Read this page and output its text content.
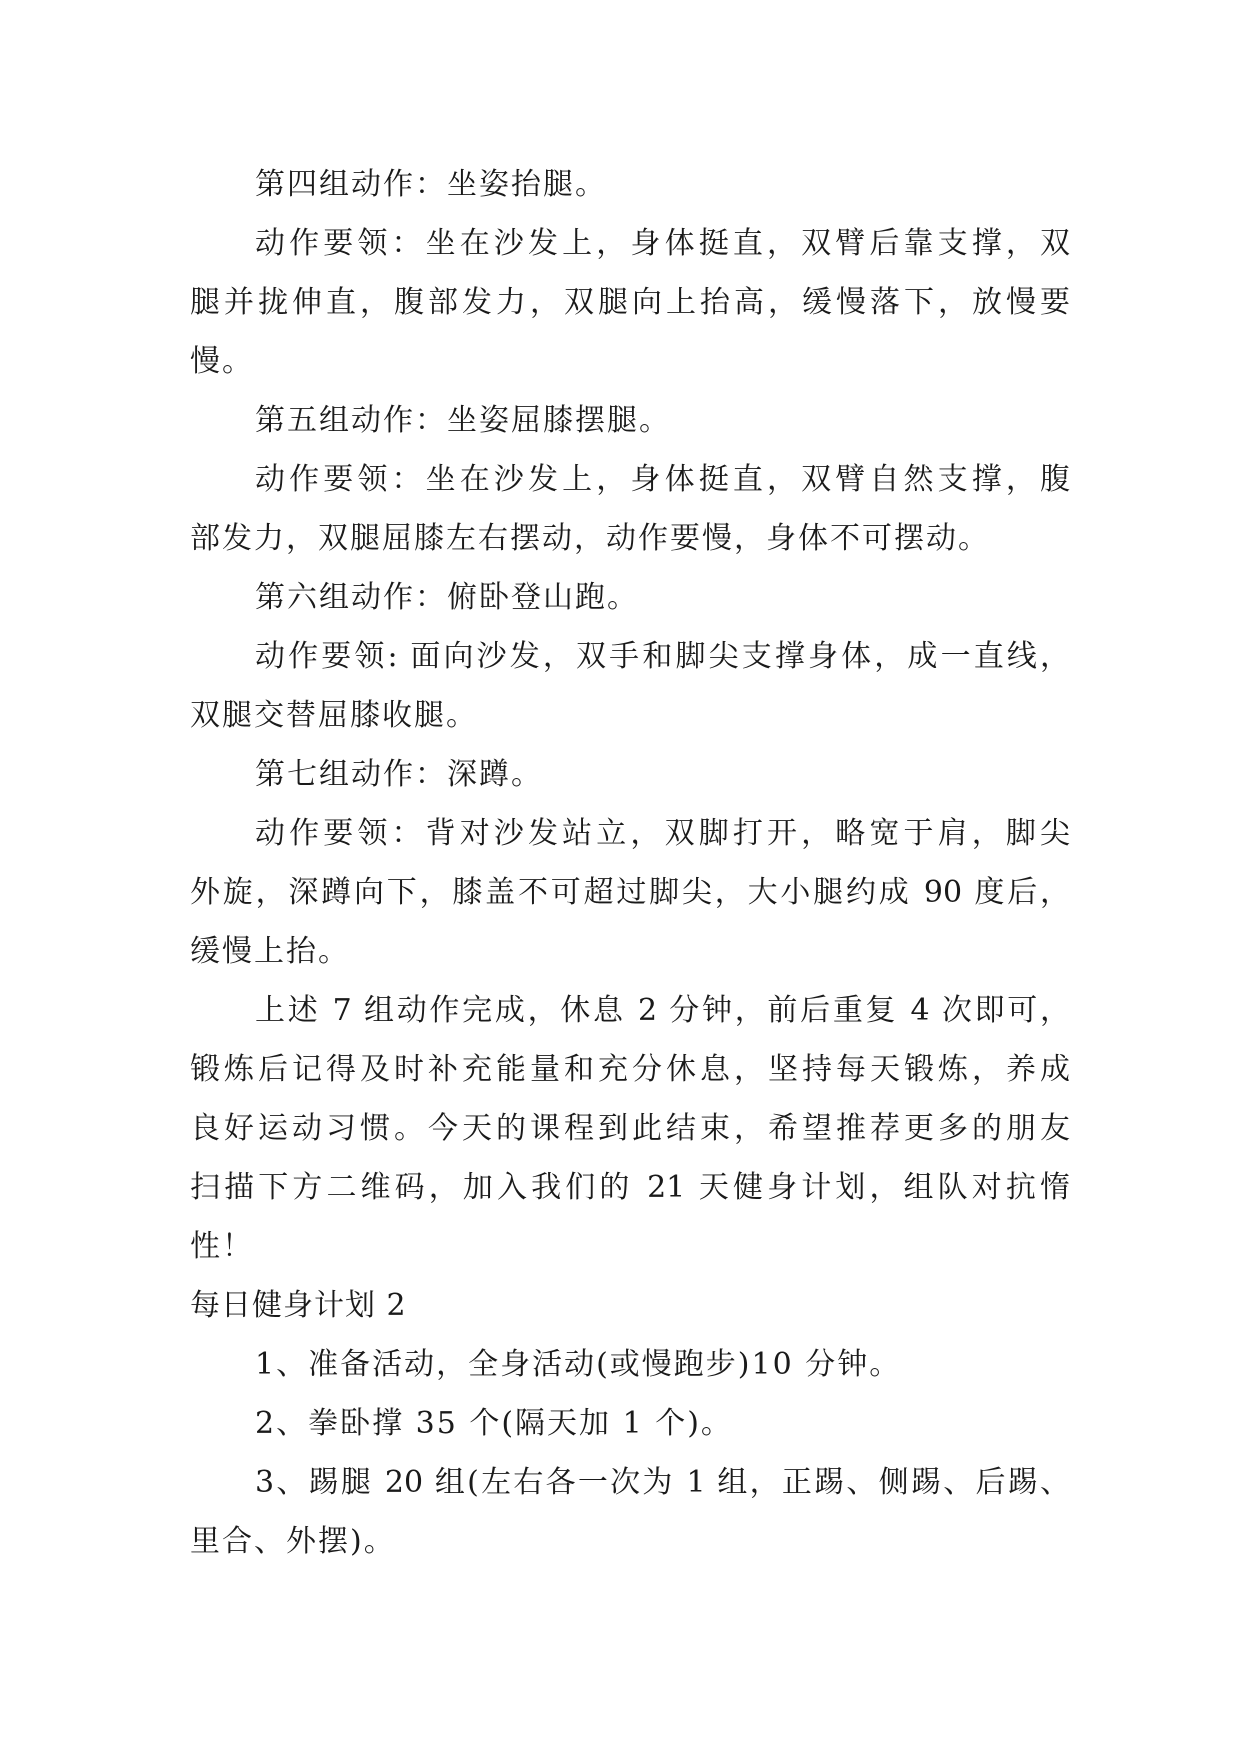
第四组动作：坐姿抬腿。
动作要领：坐在沙发上，身体挺直，双臂后靠支撑，双
腿并拢伸直，腹部发力，双腿向上抬高，缓慢落下，放慢要
慢。
第五组动作：坐姿屈膝摆腿。
动作要领：坐在沙发上，身体挺直，双臂自然支撑，腹
部发力，双腿屈膝左右摆动，动作要慢，身体不可摆动。
第六组动作：俯卧登山跑。
动作要领: 面向沙发，双手和脚尖支撑身体，成一直线，
双腿交替屈膝收腿。
第七组动作：深蹲。
动作要领：背对沙发站立，双脚打开，略宽于肩，脚尖
外旋，深蹲向下，膝盖不可超过脚尖，大小腿约成 90 度后，
缓慢上抬。
上述 7 组动作完成，休息 2 分钟，前后重复 4 次即可，
锻炼后记得及时补充能量和充分休息，坚持每天锻炼，养成
良好运动习惯。今天的课程到此结束，希望推荐更多的朋友
扫描下方二维码，加入我们的 21 天健身计划，组队对抗惰
性！
每日健身计划 2
1、准备活动，全身活动(或慢跑步)10 分钟。
2、拳卧撑 35 个(隔天加 1 个)。
3、踢腿 20 组(左右各一次为 1 组，正踢、侧踢、后踢、
里合、外摆)。
